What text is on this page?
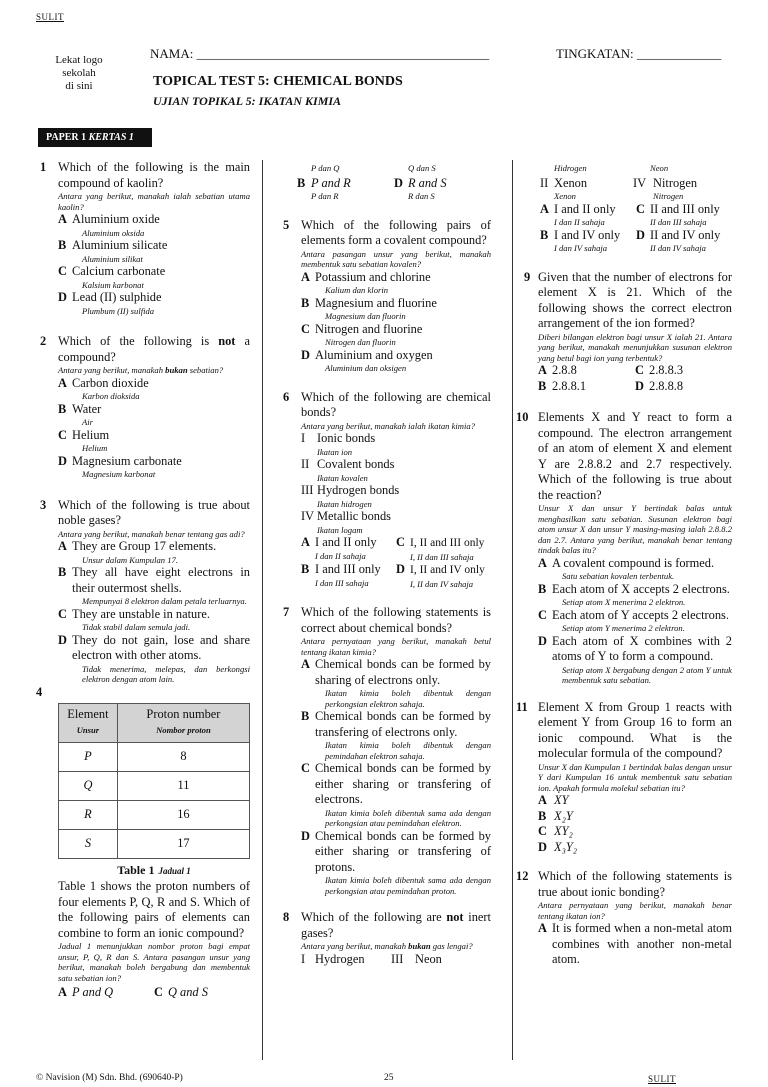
SULIT
Lekat logo
sekolah
di sini
NAMA: _____________________________________________	TINGKATAN: _____________
TOPICAL TEST 5: CHEMICAL BONDS
UJIAN TOPIKAL 5: IKATAN KIMIA
PAPER 1 KERTAS 1
1 Which of the following is the main compound of kaolin?
Antara yang berikut, manakah ialah sebatian utama kaolin?
A Aluminium oxide
Aluminium oksida
B Aluminium silicate
Aluminium silikat
C Calcium carbonate
Kalsium karbonat
D Lead (II) sulphide
Plumbum (II) sulfida
2 Which of the following is not a compound?
Antara yang berikut, manakah bukan sebatian?
A Carbon dioxide
Karbon dioksida
B Water
Air
C Helium
Helium
D Magnesium carbonate
Magnesium karbonat
3 Which of the following is true about noble gases?
Antara yang berikut, manakah benar tentang gas adi?
A They are Group 17 elements.
Unsur dalam Kumpulan 17.
B They all have eight electrons in their outermost shells.
Mempunyai 8 elektron dalam petala terluarnya.
C They are unstable in nature.
Tidak stabil dalam semula jadi.
D They do not gain, lose and share electron with other atoms.
Tidak menerima, melepas, dan berkongsi elektron dengan atom lain.
4
Element
Unsur	Proton number
Nombor proton

P	8
Q	11
R	16
S	17
Table 1 Jadual 1
Table 1 shows the proton numbers of four elements P, Q, R and S. Which of the following pairs of elements can combine to form an ionic compound?
Jadual 1 menunjukkan nombor proton bagi empat unsur, P, Q, R dan S. Antara pasangan unsur yang berikut, manakah boleh bergabung dan membentuk satu sebatian ion?
A P and Q	C Q and S
P dan Q	Q dan S
B P and R
P dan R
D R and S
R dan S
5 Which of the following pairs of elements form a covalent compound?
Antara pasangan unsur yang berikut, manakah membentuk satu sebatian kovalen?
A Potassium and chlorine
Kalium dan klorin
B Magnesium and fluorine
Magnesium dan fluorin
C Nitrogen and fluorine
Nitrogen dan fluorin
D Aluminium and oxygen
Aluminium dan oksigen
6 Which of the following are chemical bonds?
Antara yang berikut, manakah ialah ikatan kimia?
I Ionic bonds
Ikatan ion
II Covalent bonds
Ikatan kovalen
III Hydrogen bonds
Ikatan hidrogen
IV Metallic bonds
Ikatan logam
A I and II only
I dan II sahaja
C I, II and III only
I, II dan III sahaja
B I and III only
I dan III sahaja
D I, II and IV only
I, II dan IV sahaja
7 Which of the following statements is correct about chemical bonds?
Antara pernyataan yang berikut, manakah betul tentang ikatan kimia?
A Chemical bonds can be formed by sharing of electrons only.
Ikatan kimia boleh dibentuk dengan perkongsian elektron sahaja.
B Chemical bonds can be formed by transfering of electrons only.
Ikatan kimia boleh dibentuk dengan pemindahan elektron sahaja.
C Chemical bonds can be formed by either sharing or transfering of electrons.
Ikatan kimia boleh dibentuk sama ada dengan perkongsian atau pemindahan elektron.
D Chemical bonds can be formed by either sharing or transfering of protons.
Ikatan kimia boleh dibentuk sama ada dengan perkongsian atau pemindahan proton.
8 Which of the following are not inert gases?
Antara yang berikut, manakah bukan gas lengai?
I Hydrogen	III Neon
Hidrogen	Neon
II Xenon
Xenon
IV Nitrogen
Nitrogen
A I and II only
I dan II sahaja
C II and III only
II dan III sahaja
B I and IV only
I dan IV sahaja
D II and IV only
II dan IV sahaja
9 Given that the number of electrons for element X is 21. Which of the following shows the correct electron arrangement of the ion formed?
Diberi bilangan elektron bagi unsur X ialah 21. Antara yang berikut, manakah menunjukkan susunan elektron yang betul bagi ion yang terbentuk?
A 2.8.8	C 2.8.8.3
B 2.8.8.1	D 2.8.8.8
10 Elements X and Y react to form a compound. The electron arrangement of an atom of element X and element Y are 2.8.8.2 and 2.7 respectively. Which of the following is true about the reaction?
Unsur X dan unsur Y bertindak balas untuk menghasilkan satu sebatian. Susunan elektron bagi atom unsur X dan unsur Y masing-masing ialah 2.8.8.2 dan 2.7. Antara yang berikut, manakah benar tentang tindak balas itu?
A A covalent compound is formed.
Satu sebatian kovalen terbentuk.
B Each atom of X accepts 2 electrons.
Setiap atom X menerima 2 elektron.
C Each atom of Y accepts 2 electrons.
Setiap atom Y menerima 2 elektron.
D Each atom of X combines with 2 atoms of Y to form a compound.
Setiap atom X bergabung dengan 2 atom Y untuk membentuk satu sebatian.
11 Element X from Group 1 reacts with element Y from Group 16 to form an ionic compound. What is the molecular formula of the compound?
Unsur X dan Kumpulan 1 bertindak balas dengan unsur Y dari Kumpulan 16 untuk membentuk satu sebatian ion. Apakah formula molekul sebatian itu?
A XY
B X₂Y
C XY₂
D X₃Y₂
12 Which of the following statements is true about ionic bonding?
Antara pernyataan yang berikut, manakah benar tentang ikatan ion?
A It is formed when a non-metal atom combines with another non-metal atom.
© Navision (M) Sdn. Bhd. (690640-P)	25	SULIT
